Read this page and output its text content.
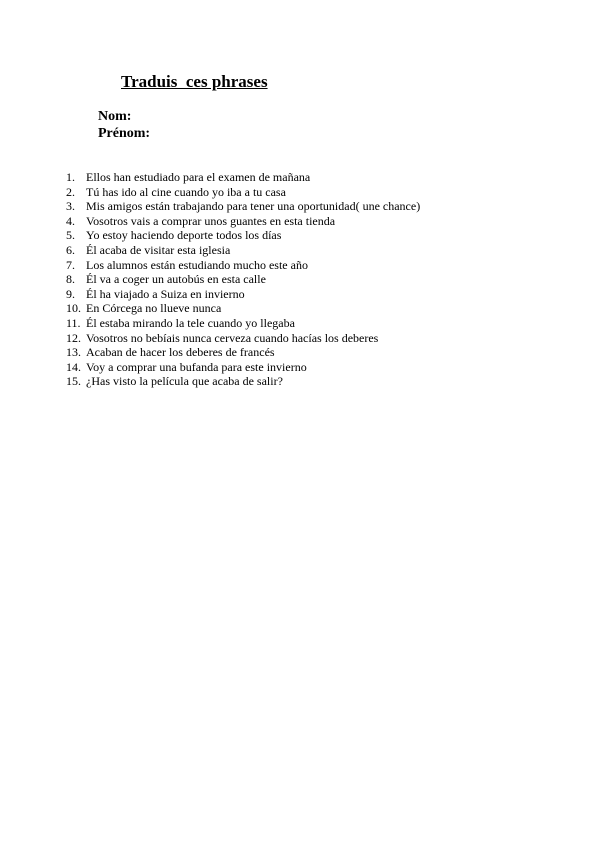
Traduis  ces phrases

Nom:

Prénom:

1. Ellos han estudiado para el examen de mañana
2. Tú has ido al cine cuando yo iba a tu casa
3. Mis amigos están trabajando para tener una oportunidad( une chance)
4. Vosotros vais a comprar unos guantes en esta tienda
5. Yo estoy haciendo deporte todos los días
6. Él acaba de visitar esta iglesia
7. Los alumnos están estudiando mucho este año
8. Él va a coger un autobús en esta calle
9. Él ha viajado a Suiza en invierno
10. En Córcega no llueve nunca
11. Él estaba mirando la tele cuando yo llegaba
12. Vosotros no bebíais nunca cerveza cuando hacías los deberes
13. Acaban de hacer los deberes de francés
14. Voy a comprar una bufanda para este invierno
15. ¿Has visto la película que acaba de salir?
